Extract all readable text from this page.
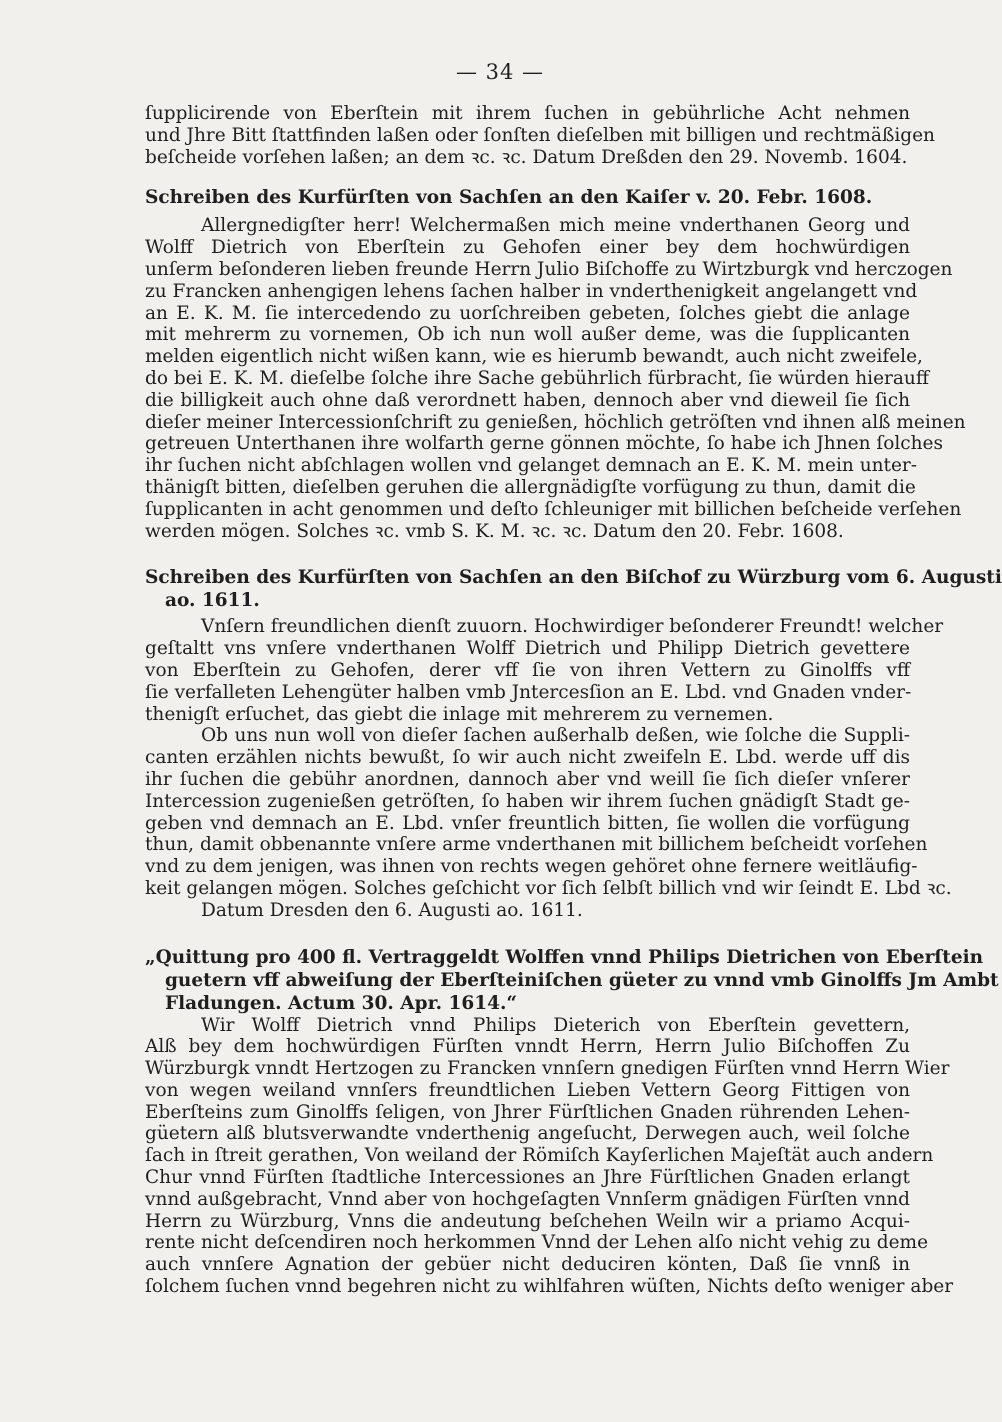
— 34 —
ſupplicirende von Eberſtein mit ihrem ſuchen in gebührliche Acht nehmen
und Jhre Bitt ſtattfinden laßen oder ſonſten dieſelben mit billigen und rechtmäßigen
beſcheide vorſehen laßen; an dem ꝛc. ꝛc. Datum Dreßden den 29. Novemb. 1604.
Schreiben des Kurfürſten von Sachſen an den Kaiſer v. 20. Febr. 1608.
Allergnedigſter herr! Welchermaßen mich meine vnderthanen Georg und
Wolff Dietrich von Eberſtein zu Gehofen einer bey dem hochwürdigen
unſerm beſonderen lieben freunde Herrn Julio Biſchoffe zu Wirtzburgk vnd herczogen
zu Francken anhengigen lehens ſachen halber in vnderthenigkeit angelangett vnd
an E. K. M. ſie intercedendo zu uorſchreiben gebeten, ſolches giebt die anlage
mit mehrerm zu vornemen, Ob ich nun woll außer deme, was die ſupplicanten
melden eigentlich nicht wißen kann, wie es hierumb bewandt, auch nicht zweifele,
do bei E. K. M. dieſelbe ſolche ihre Sache gebührlich fürbracht, ſie würden hierauff
die billigkeit auch ohne daß verordnett haben, dennoch aber vnd dieweil ſie ſich
dieſer meiner Intercessionſchrift zu genießen, höchlich getröſten vnd ihnen alß meinen
getreuen Unterthanen ihre wolfarth gerne gönnen möchte, ſo habe ich Jhnen ſolches
ihr ſuchen nicht abſchlagen wollen vnd gelanget demnach an E. K. M. mein unter-
thänigſt bitten, dieſelben geruhen die allergnädigſte vorfügung zu thun, damit die
ſupplicanten in acht genommen und deſto ſchleuniger mit billichen beſcheide verſehen
werden mögen. Solches ꝛc. vmb S. K. M. ꝛc. ꝛc. Datum den 20. Febr. 1608.
Schreiben des Kurfürſten von Sachſen an den Biſchof zu Würzburg vom 6. Augusti
ao. 1611.
Vnſern freundlichen dienſt zuuorn. Hochwirdiger beſonderer Freundt! welcher
geſtaltt vns vnſere vnderthanen Wolff Dietrich und Philipp Dietrich gevettere
von Eberſtein zu Gehofen, derer vff ſie von ihren Vettern zu Ginolffs vff
ſie verfalleten Lehengüter halben vmb Jntercesſion an E. Lbd. vnd Gnaden vnder-
thenigſt erſuchet, das giebt die inlage mit mehrerem zu vernemen.
Ob uns nun woll von dieſer ſachen außerhalb deßen, wie ſolche die Suppli-
canten erzählen nichts bewußt, ſo wir auch nicht zweifeln E. Lbd. werde uff dis
ihr ſuchen die gebühr anordnen, dannoch aber vnd weill ſie ſich dieſer vnſerer
Intercession zugenießen getröſten, ſo haben wir ihrem ſuchen gnädigſt Stadt ge-
geben vnd demnach an E. Lbd. vnſer freuntlich bitten, ſie wollen die vorfügung
thun, damit obbenannte vnſere arme vnderthanen mit billichem beſcheidt vorſehen
vnd zu dem jenigen, was ihnen von rechts wegen gehöret ohne fernere weitläufig-
keit gelangen mögen. Solches geſchicht vor ſich ſelbſt billich vnd wir ſeindt E. Lbd ꝛc.
Datum Dresden den 6. Augusti ao. 1611.
„Quittung pro 400 fl. Vertraggeldt Wolffen vnnd Philips Dietrichen von Eberſtein
guetern vff abweiſung der Eberſteiniſchen güeter zu vnnd vmb Ginolffs Jm Ambt
Fladungen. Actum 30. Apr. 1614.“
Wir Wolff Dietrich vnnd Philips Dieterich von Eberſtein gevettern,
Alß bey dem hochwürdigen Fürſten vnndt Herrn, Herrn Julio Biſchoffen Zu
Würzburgk vnndt Hertzogen zu Francken vnnſern gnedigen Fürſten vnnd Herrn Wier
von wegen weiland vnnſers freundtlichen Lieben Vettern Georg Fittigen von
Eberſteins zum Ginolffs ſeligen, von Jhrer Fürſtlichen Gnaden rührenden Lehen-
güetern alß blutsverwandte vnderthenig angeſucht, Derwegen auch, weil ſolche
ſach in ſtreit gerathen, Von weiland der Römiſch Kayſerlichen Majeſtät auch andern
Chur vnnd Fürſten ſtadtliche Intercessiones an Jhre Fürſtlichen Gnaden erlangt
vnnd außgebracht, Vnnd aber von hochgeſagten Vnnſerm gnädigen Fürſten vnnd
Herrn zu Würzburg, Vnns die andeutung beſchehen Weiln wir a priamo Acqui-
rente nicht deſcendiren noch herkommen Vnnd der Lehen alſo nicht vehig zu deme
auch vnnſere Agnation der gebüer nicht deduciren könten, Daß ſie vnnß in
ſolchem ſuchen vnnd begehren nicht zu wihlfahren wüſten, Nichts deſto weniger aber
